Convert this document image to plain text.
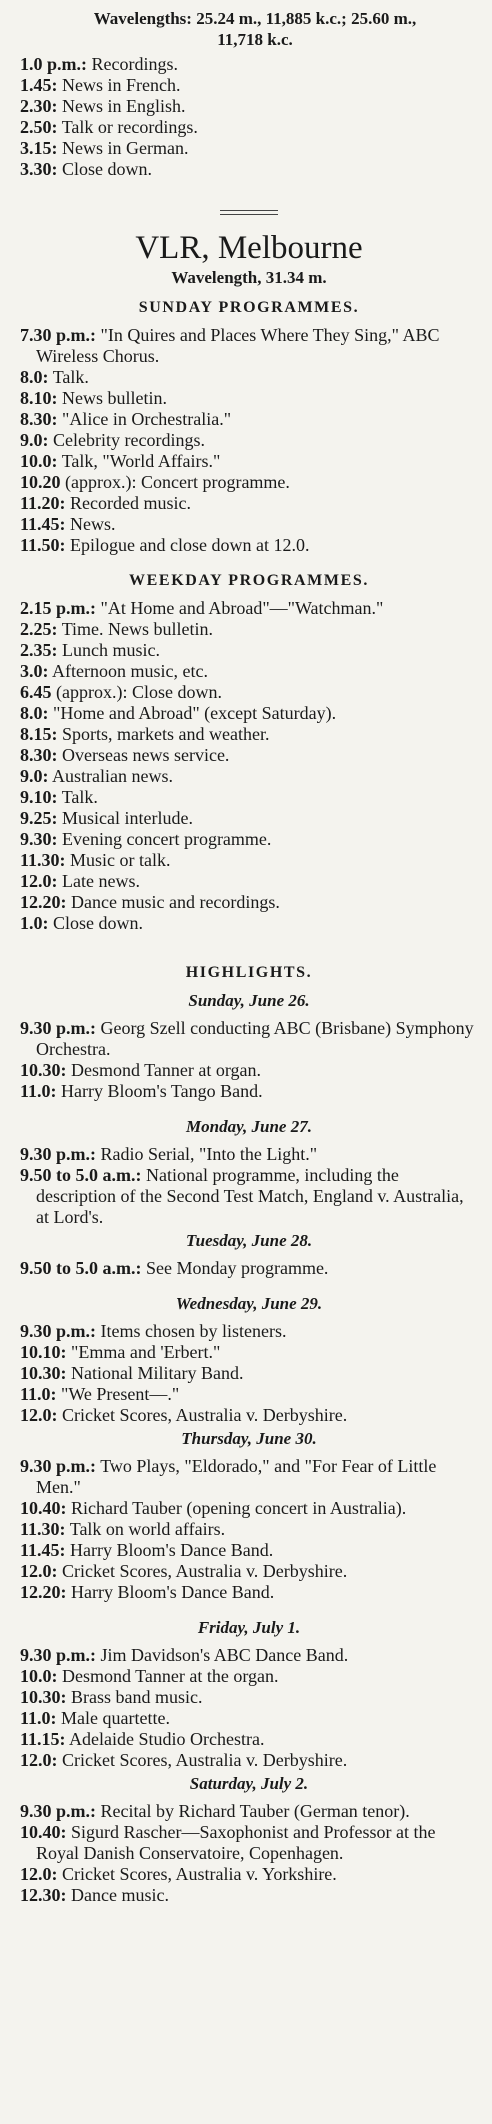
Wavelengths: 25.24 m., 11,885 k.c.; 25.60 m.,
11,718 k.c.
1.0 p.m.: Recordings.
1.45: News in French.
2.30: News in English.
2.50: Talk or recordings.
3.15: News in German.
3.30: Close down.
VLR, Melbourne
Wavelength, 31.34 m.
SUNDAY PROGRAMMES.
7.30 p.m.: "In Quires and Places Where They Sing," ABC Wireless Chorus.
8.0: Talk.
8.10: News bulletin.
8.30: "Alice in Orchestralia."
9.0: Celebrity recordings.
10.0: Talk, "World Affairs."
10.20 (approx.): Concert programme.
11.20: Recorded music.
11.45: News.
11.50: Epilogue and close down at 12.0.
WEEKDAY PROGRAMMES.
2.15 p.m.: "At Home and Abroad"—"Watchman."
2.25: Time. News bulletin.
2.35: Lunch music.
3.0: Afternoon music, etc.
6.45 (approx.): Close down.
8.0: "Home and Abroad" (except Saturday).
8.15: Sports, markets and weather.
8.30: Overseas news service.
9.0: Australian news.
9.10: Talk.
9.25: Musical interlude.
9.30: Evening concert programme.
11.30: Music or talk.
12.0: Late news.
12.20: Dance music and recordings.
1.0: Close down.
HIGHLIGHTS.
Sunday, June 26.
9.30 p.m.: Georg Szell conducting ABC (Brisbane) Symphony Orchestra.
10.30: Desmond Tanner at organ.
11.0: Harry Bloom's Tango Band.
Monday, June 27.
9.30 p.m.: Radio Serial, "Into the Light."
9.50 to 5.0 a.m.: National programme, including the description of the Second Test Match, England v. Australia, at Lord's.
Tuesday, June 28.
9.50 to 5.0 a.m.: See Monday programme.
Wednesday, June 29.
9.30 p.m.: Items chosen by listeners.
10.10: "Emma and 'Erbert."
10.30: National Military Band.
11.0: "We Present—."
12.0: Cricket Scores, Australia v. Derbyshire.
Thursday, June 30.
9.30 p.m.: Two Plays, "Eldorado," and "For Fear of Little Men."
10.40: Richard Tauber (opening concert in Australia).
11.30: Talk on world affairs.
11.45: Harry Bloom's Dance Band.
12.0: Cricket Scores, Australia v. Derbyshire.
12.20: Harry Bloom's Dance Band.
Friday, July 1.
9.30 p.m.: Jim Davidson's ABC Dance Band.
10.0: Desmond Tanner at the organ.
10.30: Brass band music.
11.0: Male quartette.
11.15: Adelaide Studio Orchestra.
12.0: Cricket Scores, Australia v. Derbyshire.
Saturday, July 2.
9.30 p.m.: Recital by Richard Tauber (German tenor).
10.40: Sigurd Rascher—Saxophonist and Professor at the Royal Danish Conservatoire, Copenhagen.
12.0: Cricket Scores, Australia v. Yorkshire.
12.30: Dance music.
